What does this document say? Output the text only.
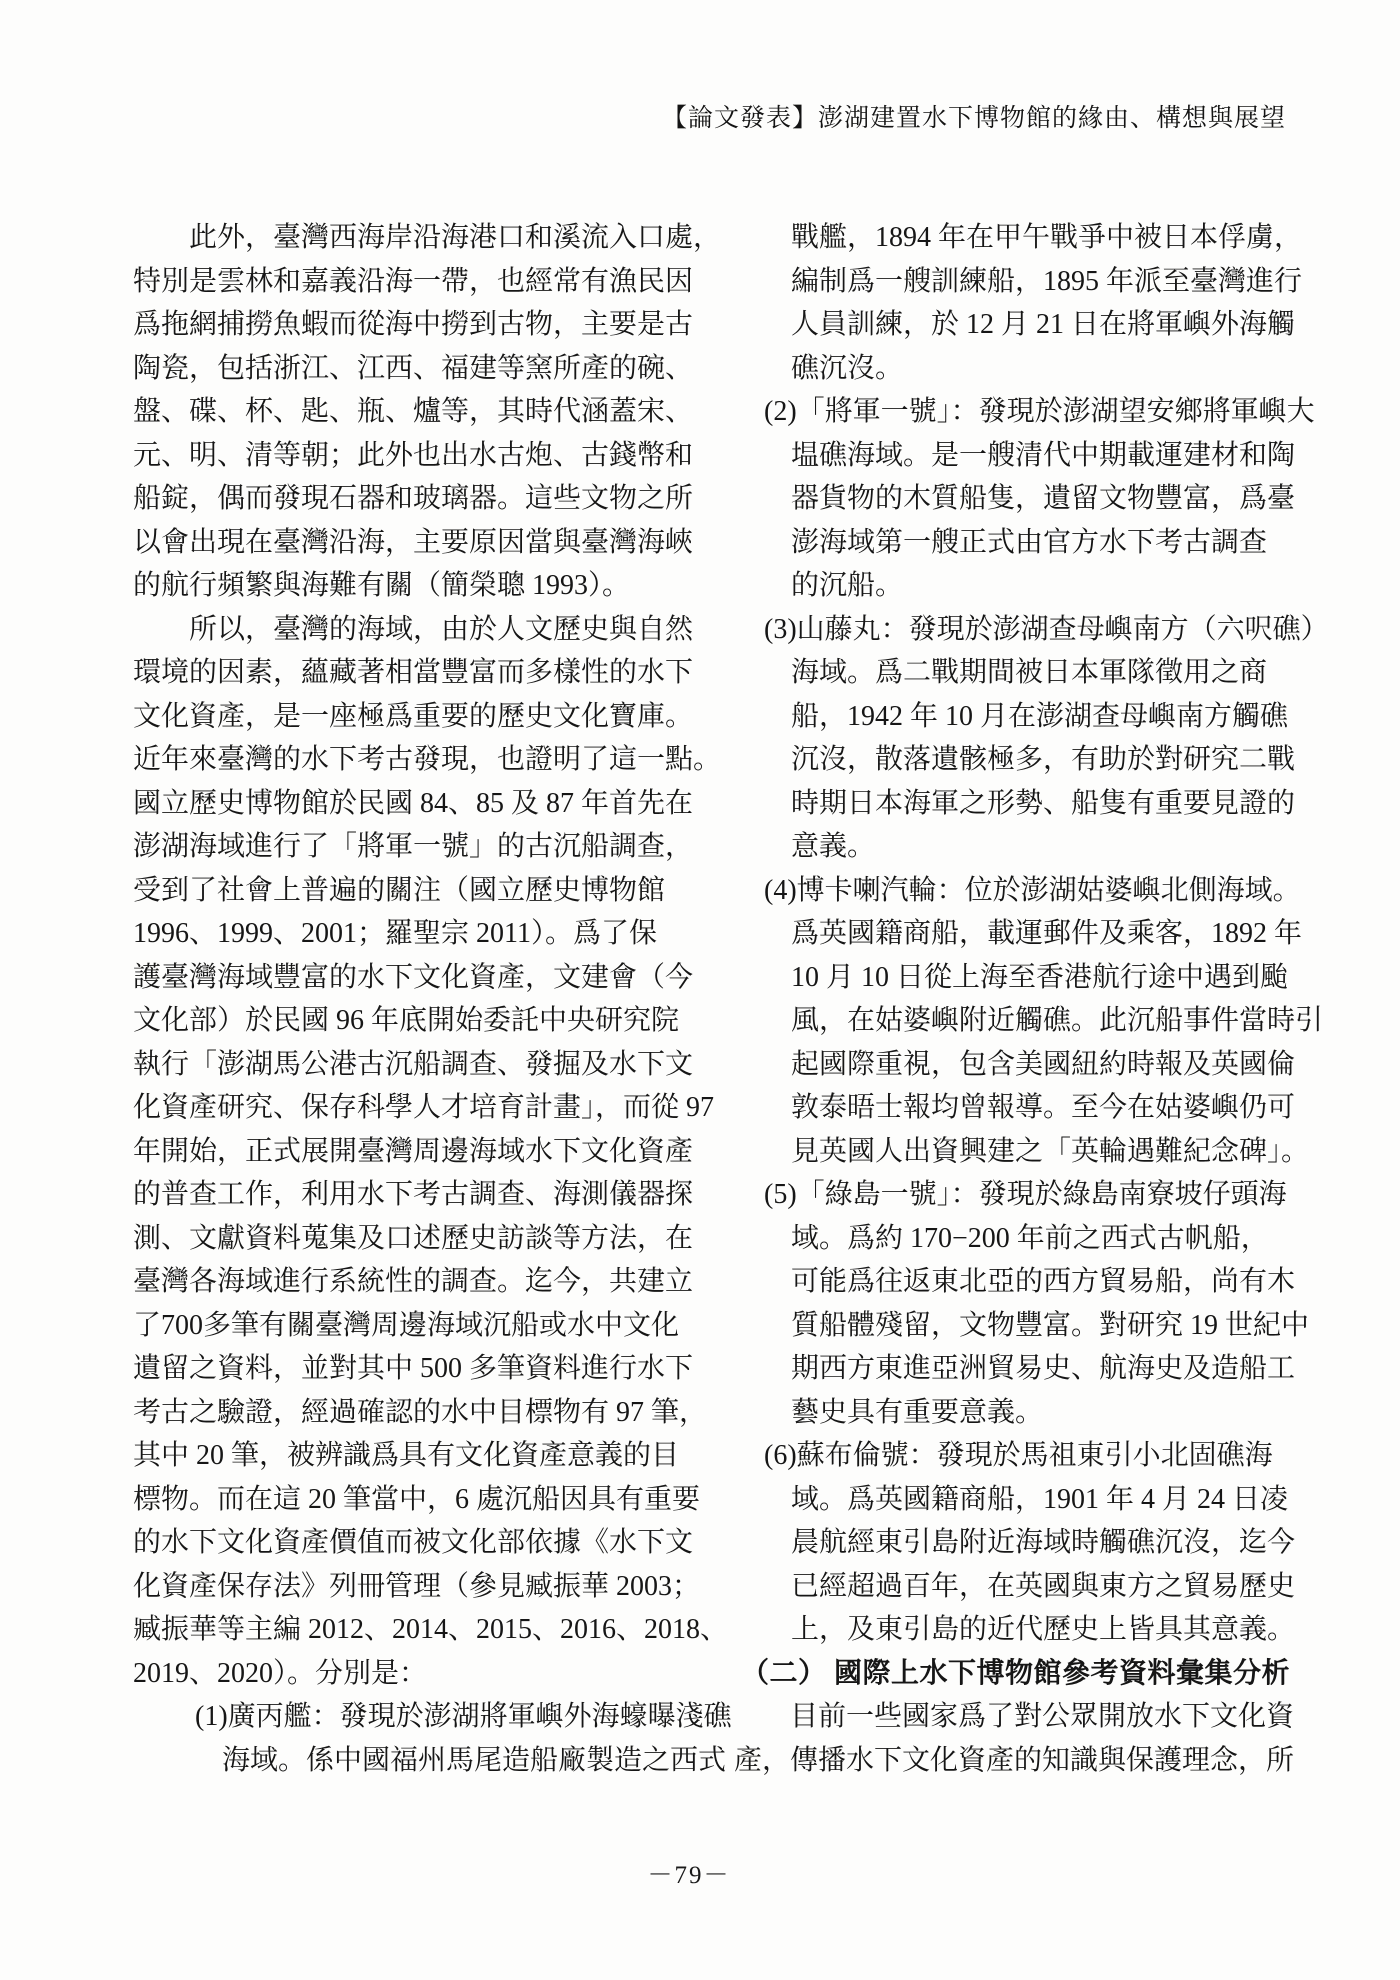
【論文發表】澎湖建置水下博物館的緣由、構想與展望
此外，臺灣西海岸沿海港口和溪流入口處，
特別是雲林和嘉義沿海一帶，也經常有漁民因
爲拖網捕撈魚蝦而從海中撈到古物，主要是古
陶瓷，包括浙江、江西、福建等窯所產的碗、
盤、碟、杯、匙、瓶、爐等，其時代涵蓋宋、
元、明、清等朝；此外也出水古炮、古錢幣和
船錠，偶而發現石器和玻璃器。這些文物之所
以會出現在臺灣沿海，主要原因當與臺灣海峽
的航行頻繁與海難有關（簡榮聰 1993）。
所以，臺灣的海域，由於人文歷史與自然
環境的因素，蘊藏著相當豐富而多樣性的水下
文化資產，是一座極爲重要的歷史文化寶庫。
近年來臺灣的水下考古發現，也證明了這一點。
國立歷史博物館於民國 84、85 及 87 年首先在
澎湖海域進行了「將軍一號」的古沉船調查，
受到了社會上普遍的關注（國立歷史博物館
1996、1999、2001；羅聖宗 2011）。爲了保
護臺灣海域豐富的水下文化資產，文建會（今
文化部）於民國 96 年底開始委託中央研究院
執行「澎湖馬公港古沉船調查、發掘及水下文
化資產研究、保存科學人才培育計畫」，而從 97
年開始，正式展開臺灣周邊海域水下文化資產
的普查工作，利用水下考古調查、海測儀器探
測、文獻資料蒐集及口述歷史訪談等方法，在
臺灣各海域進行系統性的調查。迄今，共建立
了700多筆有關臺灣周邊海域沉船或水中文化
遺留之資料，並對其中 500 多筆資料進行水下
考古之驗證，經過確認的水中目標物有 97 筆，
其中 20 筆，被辨識爲具有文化資產意義的目
標物。而在這 20 筆當中，6 處沉船因具有重要
的水下文化資產價值而被文化部依據《水下文
化資產保存法》列冊管理（參見臧振華 2003；
臧振華等主編 2012、2014、2015、2016、2018、
2019、2020）。分別是：
(1)廣丙艦：發現於澎湖將軍嶼外海蠔曝淺礁
海域。係中國福州馬尾造船廠製造之西式
戰艦，1894 年在甲午戰爭中被日本俘虜，
編制爲一艘訓練船，1895 年派至臺灣進行
人員訓練，於 12 月 21 日在將軍嶼外海觸
礁沉沒。
(2)「將軍一號」：發現於澎湖望安鄉將軍嶼大
塭礁海域。是一艘清代中期載運建材和陶
器貨物的木質船隻，遺留文物豐富，爲臺
澎海域第一艘正式由官方水下考古調查
的沉船。
(3)山藤丸：發現於澎湖查母嶼南方（六呎礁）
海域。爲二戰期間被日本軍隊徵用之商
船，1942 年 10 月在澎湖查母嶼南方觸礁
沉沒，散落遺骸極多，有助於對研究二戰
時期日本海軍之形勢、船隻有重要見證的
意義。
(4)博卡喇汽輪：位於澎湖姑婆嶼北側海域。
爲英國籍商船，載運郵件及乘客，1892 年
10 月 10 日從上海至香港航行途中遇到颱
風，在姑婆嶼附近觸礁。此沉船事件當時引
起國際重視，包含美國紐約時報及英國倫
敦泰晤士報均曾報導。至今在姑婆嶼仍可
見英國人出資興建之「英輪遇難紀念碑」。
(5)「綠島一號」：發現於綠島南寮坡仔頭海
域。爲約 170−200 年前之西式古帆船，
可能爲往返東北亞的西方貿易船，尚有木
質船體殘留，文物豐富。對研究 19 世紀中
期西方東進亞洲貿易史、航海史及造船工
藝史具有重要意義。
(6)蘇布倫號：發現於馬祖東引小北固礁海
域。爲英國籍商船，1901 年 4 月 24 日凌
晨航經東引島附近海域時觸礁沉沒，迄今
已經超過百年，在英國與東方之貿易歷史
上，及東引島的近代歷史上皆具其意義。
（二） 國際上水下博物館參考資料彙集分析
目前一些國家爲了對公眾開放水下文化資
產，傳播水下文化資產的知識與保護理念，所
－79－
